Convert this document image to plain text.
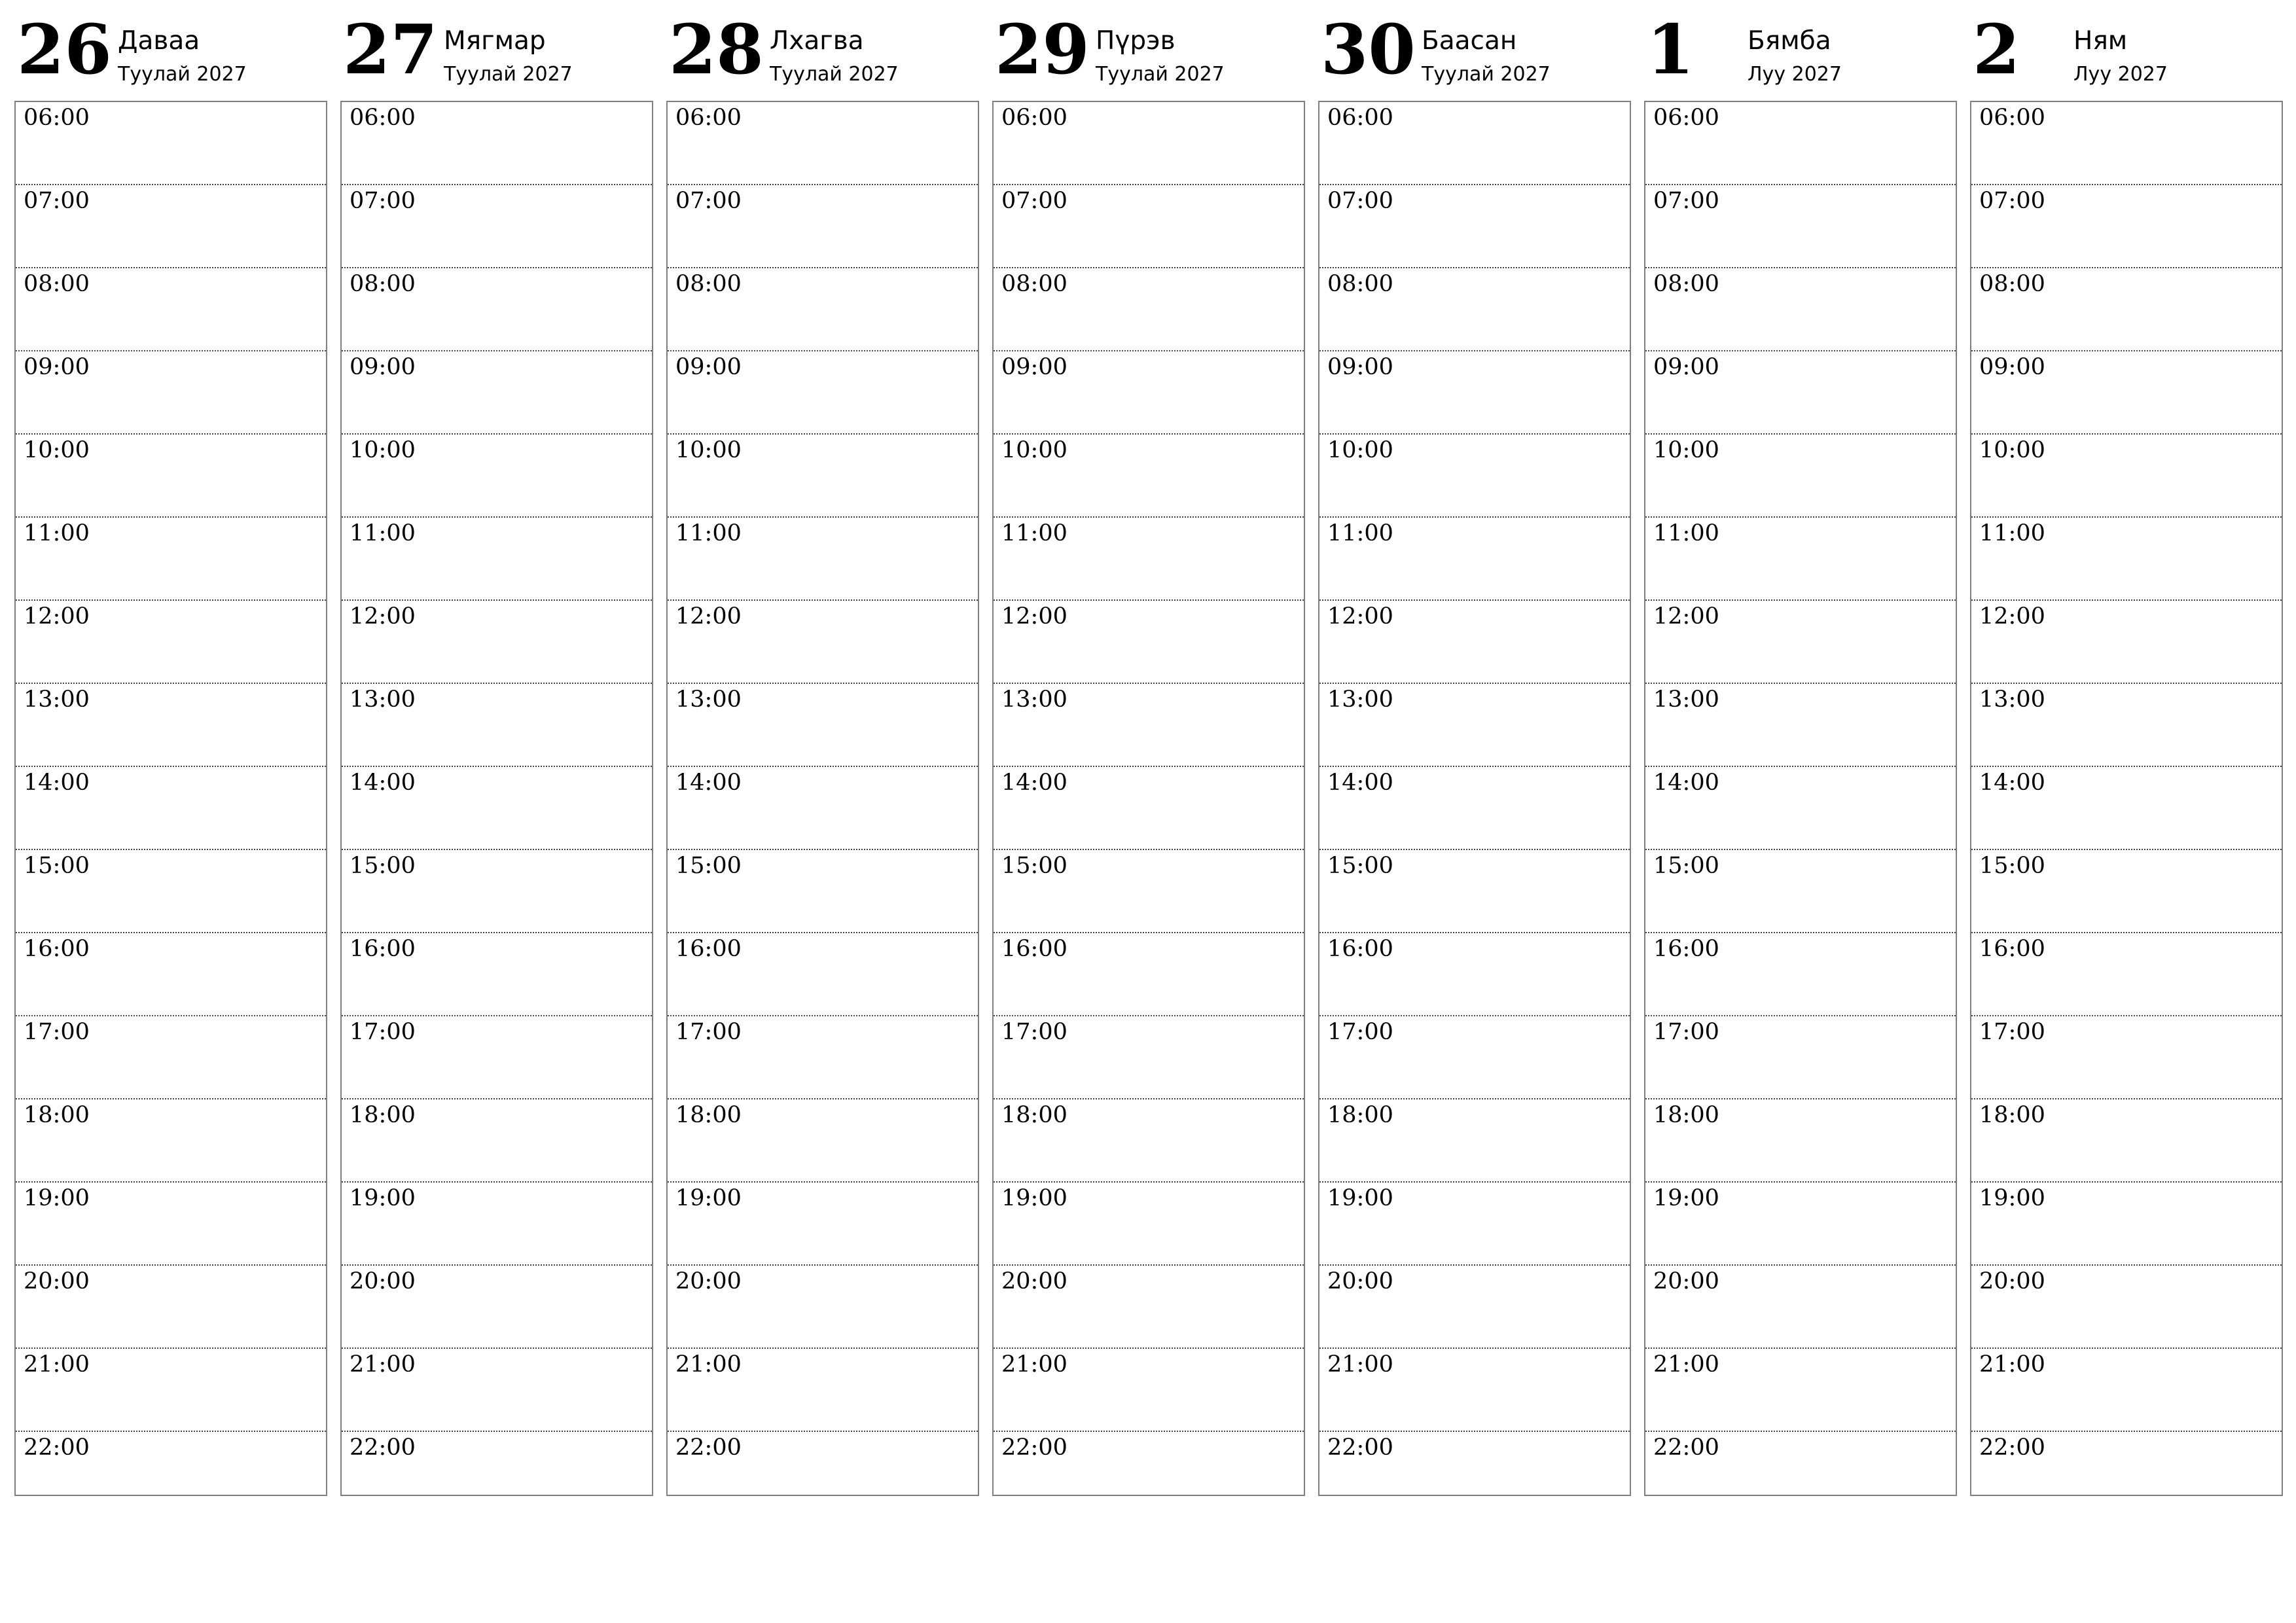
26 Даваа
Туулай 2027
06:00
07:00
08:00
09:00
10:00
11:00
12:00
13:00
14:00
15:00
16:00
17:00
18:00
19:00
20:00
21:00
22:00
27 Мягмар
Туулай 2027
06:00
07:00
08:00
09:00
10:00
11:00
12:00
13:00
14:00
15:00
16:00
17:00
18:00
19:00
20:00
21:00
22:00
28 Лхагва
Туулай 2027
06:00
07:00
08:00
09:00
10:00
11:00
12:00
13:00
14:00
15:00
16:00
17:00
18:00
19:00
20:00
21:00
22:00
29 Пүрэв
Туулай 2027
06:00
07:00
08:00
09:00
10:00
11:00
12:00
13:00
14:00
15:00
16:00
17:00
18:00
19:00
20:00
21:00
22:00
30 Баасан
Туулай 2027
06:00
07:00
08:00
09:00
10:00
11:00
12:00
13:00
14:00
15:00
16:00
17:00
18:00
19:00
20:00
21:00
22:00
1 Бямба
Луу 2027
06:00
07:00
08:00
09:00
10:00
11:00
12:00
13:00
14:00
15:00
16:00
17:00
18:00
19:00
20:00
21:00
22:00
2 Ням
Луу 2027
06:00
07:00
08:00
09:00
10:00
11:00
12:00
13:00
14:00
15:00
16:00
17:00
18:00
19:00
20:00
21:00
22:00
